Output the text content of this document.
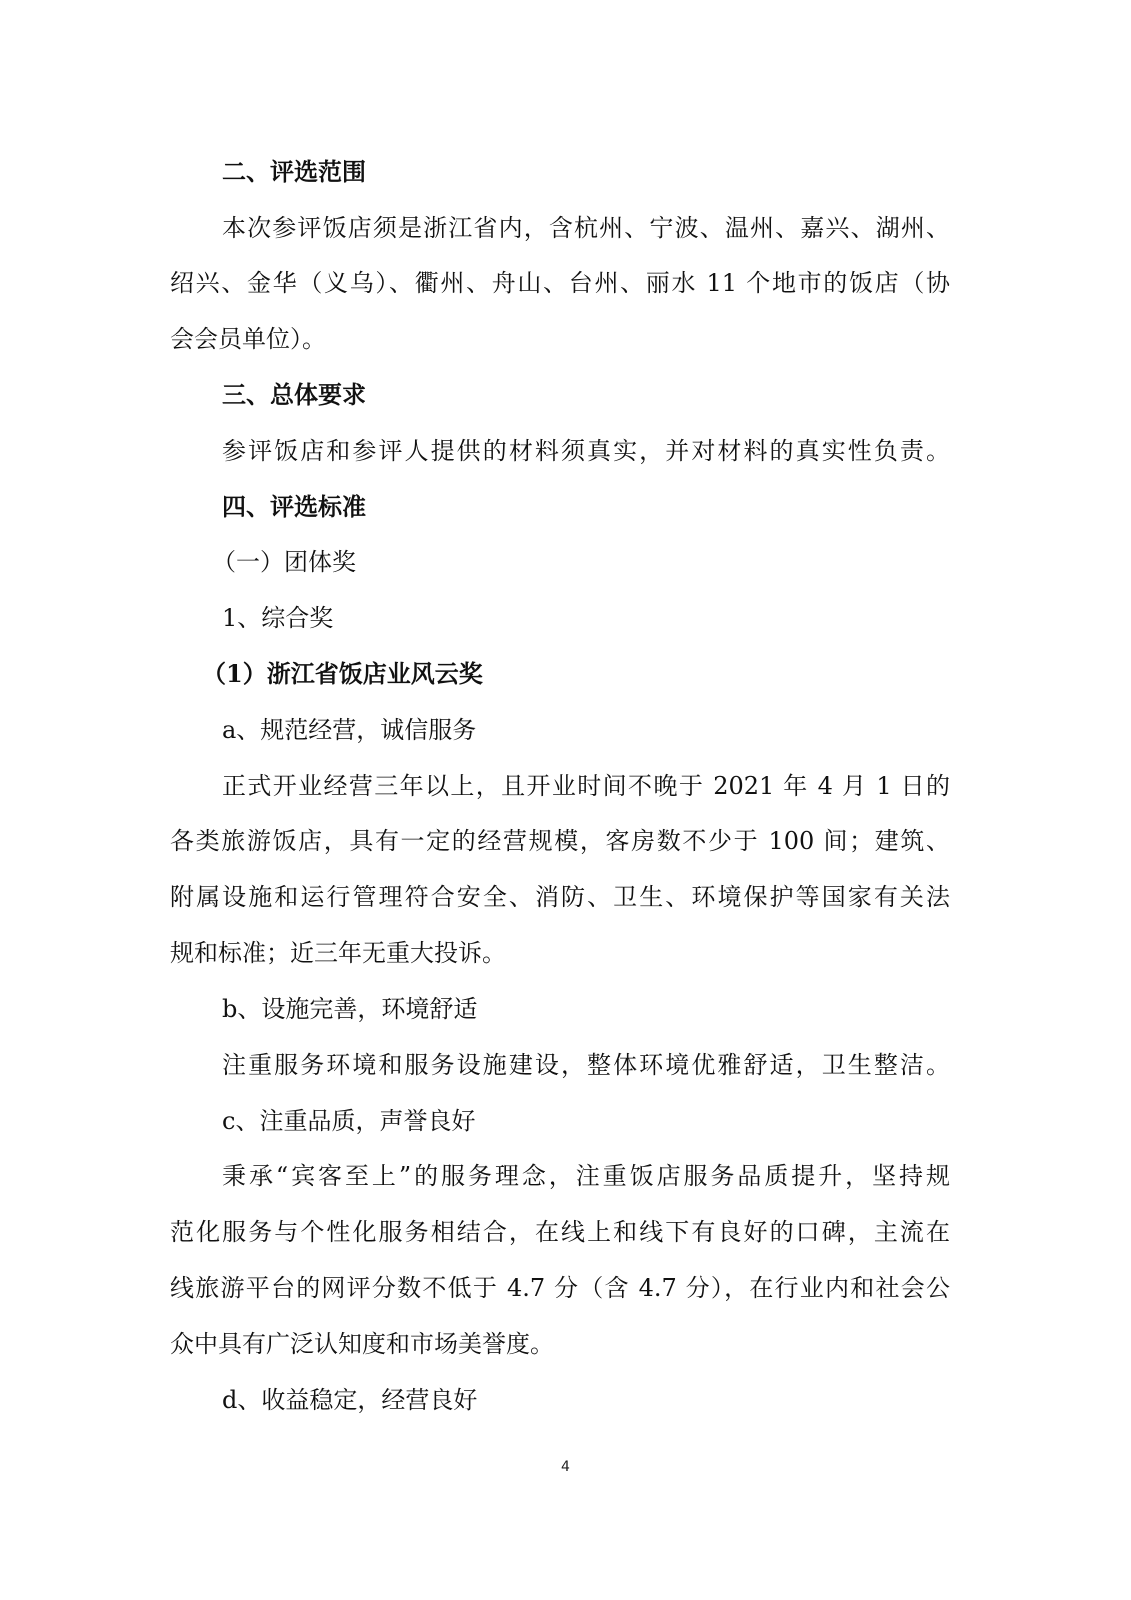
二、评选范围
本次参评饭店须是浙江省内，含杭州、宁波、温州、嘉兴、湖州、
绍兴、金华（义乌）、衢州、舟山、台州、丽水 11 个地市的饭店（协
会会员单位）。
三、总体要求
参评饭店和参评人提供的材料须真实，并对材料的真实性负责。
四、评选标准
（一）团体奖
1、综合奖
（1）浙江省饭店业风云奖
a、规范经营，诚信服务
正式开业经营三年以上，且开业时间不晚于 2021 年 4 月 1 日的
各类旅游饭店，具有一定的经营规模，客房数不少于 100 间；建筑、
附属设施和运行管理符合安全、消防、卫生、环境保护等国家有关法
规和标准；近三年无重大投诉。
b、设施完善，环境舒适
注重服务环境和服务设施建设，整体环境优雅舒适，卫生整洁。
c、注重品质，声誉良好
秉承“宾客至上”的服务理念，注重饭店服务品质提升，坚持规
范化服务与个性化服务相结合，在线上和线下有良好的口碑，主流在
线旅游平台的网评分数不低于 4.7 分（含 4.7 分），在行业内和社会公
众中具有广泛认知度和市场美誉度。
d、收益稳定，经营良好
4
